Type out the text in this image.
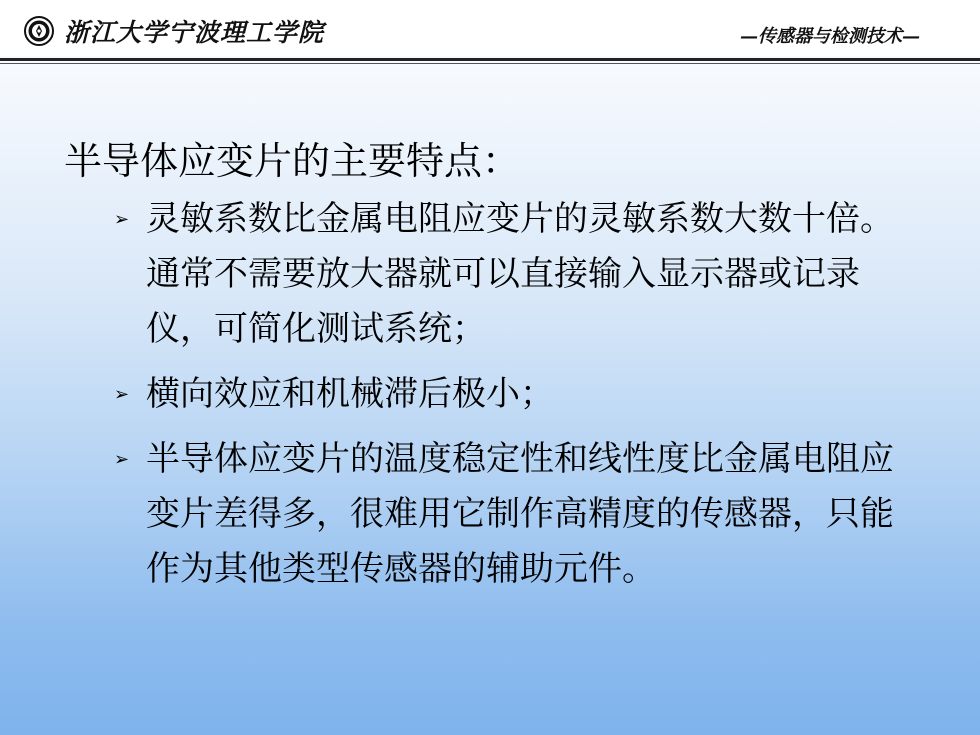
浙江大学宁波理工学院	—传感器与检测技术—
半导体应变片的主要特点：
➢ 灵敏系数比金属电阻应变片的灵敏系数大数十倍。通常不需要放大器就可以直接输入显示器或记录仪，可简化测试系统；
➢ 横向效应和机械滞后极小；
➢ 半导体应变片的温度稳定性和线性度比金属电阻应变片差得多，很难用它制作高精度的传感器，只能作为其他类型传感器的辅助元件。
